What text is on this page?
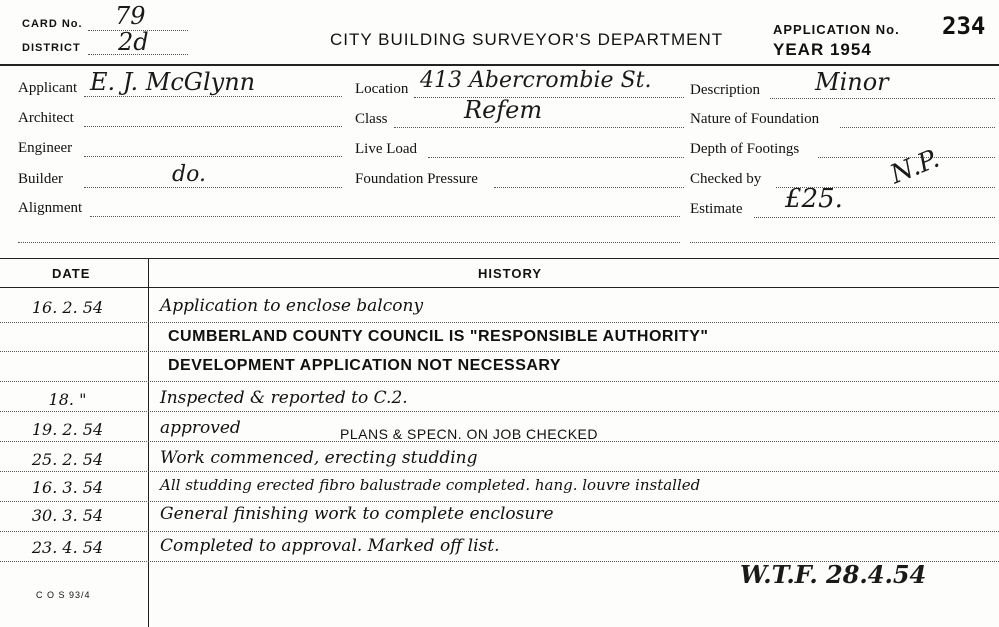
CARD No. 79
DISTRICT 2d	CITY BUILDING SURVEYOR'S DEPARTMENT
APPLICATION No. 234
YEAR 1954
Applicant E. J. McGlynn
Architect
Engineer
Builder	do.
Alignment
Location 413 Abercrombie St.
Class	Refem
Live Load
Foundation Pressure
Description Minor
Nature of Foundation
Depth of Footings
Checked by	N.P.
Estimate £25.
DATE	HISTORY
16. 2. 54	Application to enclose balcony
CUMBERLAND COUNTY COUNCIL IS "RESPONSIBLE AUTHORITY"
DEVELOPMENT APPLICATION NOT NECESSARY
18. "	Inspected & reported to C.2.
19. 2. 54	approved	PLANS & SPECN. ON JOB CHECKED
25. 2. 54	Work commenced, erecting studding
16. 3. 54	All studding erected fibro balustrade completed. hang. louvre installed
30. 3. 54	General finishing work to complete enclosure
23. 4. 54	Completed to approval. Marked off list.
W.T.F. 28.4.54
C O S 93/4
